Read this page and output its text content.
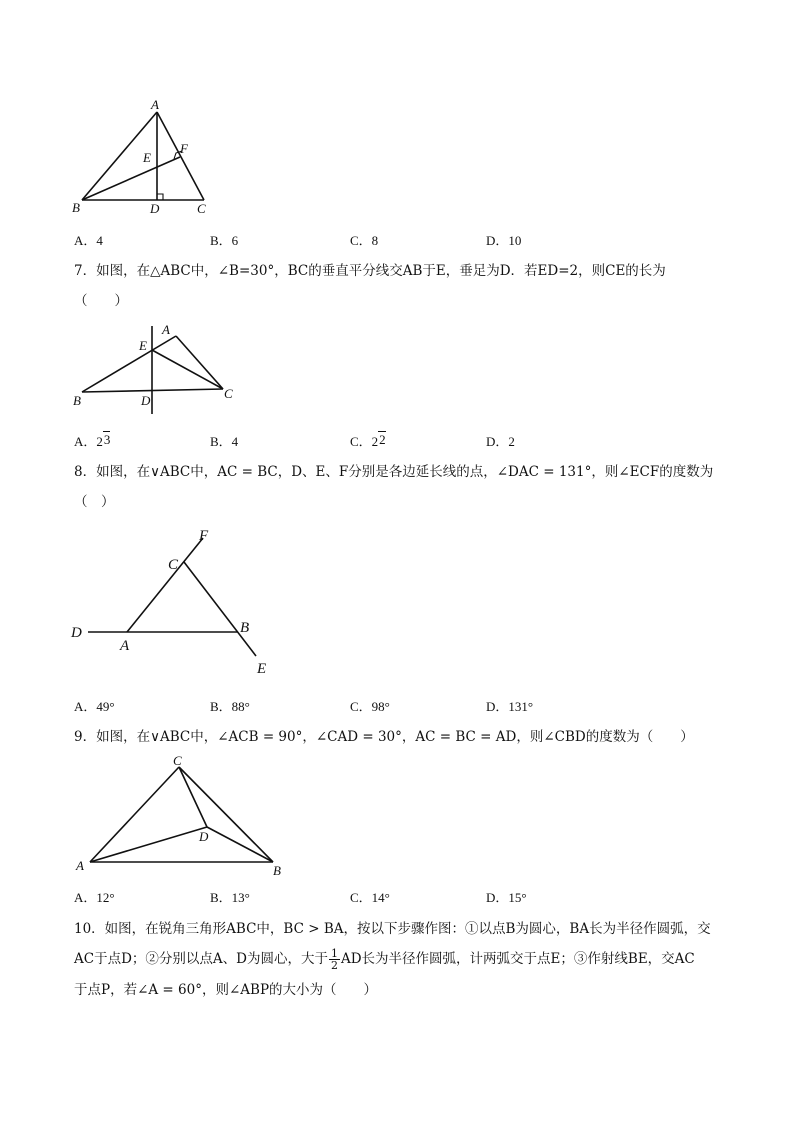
A
E
F
B	D	C
A．4	B．6	C．8	D．10
7．如图，在△ABC中，∠B=30°，BC的垂直平分线交AB于E，垂足为D．若ED=2，则CE的长为
（　　）
A
E
B	D	C
A．2 3	B．4	C．2 2	D．2
8．如图，在∨ABC中，AC = BC，D、E、F分别是各边延长线的点，∠DAC = 131°，则∠ECF的度数为
（　）
F
C
D
A
B
E
A．49°	B．88°	C．98°	D．131°
9．如图，在∨ABC中，∠ACB = 90°，∠CAD = 30°，AC = BC = AD，则∠CBD的度数为（　　）
C
D
A	B
A．12°	B．13°	C．14°	D．15°
10．如图，在锐角三角形ABC中，BC > BA，按以下步骤作图：①以点B为圆心，BA长为半径作圆弧，交
AC于点D；②分别以点A、D为圆心，大于 $\frac{1}{2}$ AD长为半径作圆弧，计两弧交于点E；③作射线BE，交AC
于点P，若∠A = 60°，则∠ABP的大小为（　　）
